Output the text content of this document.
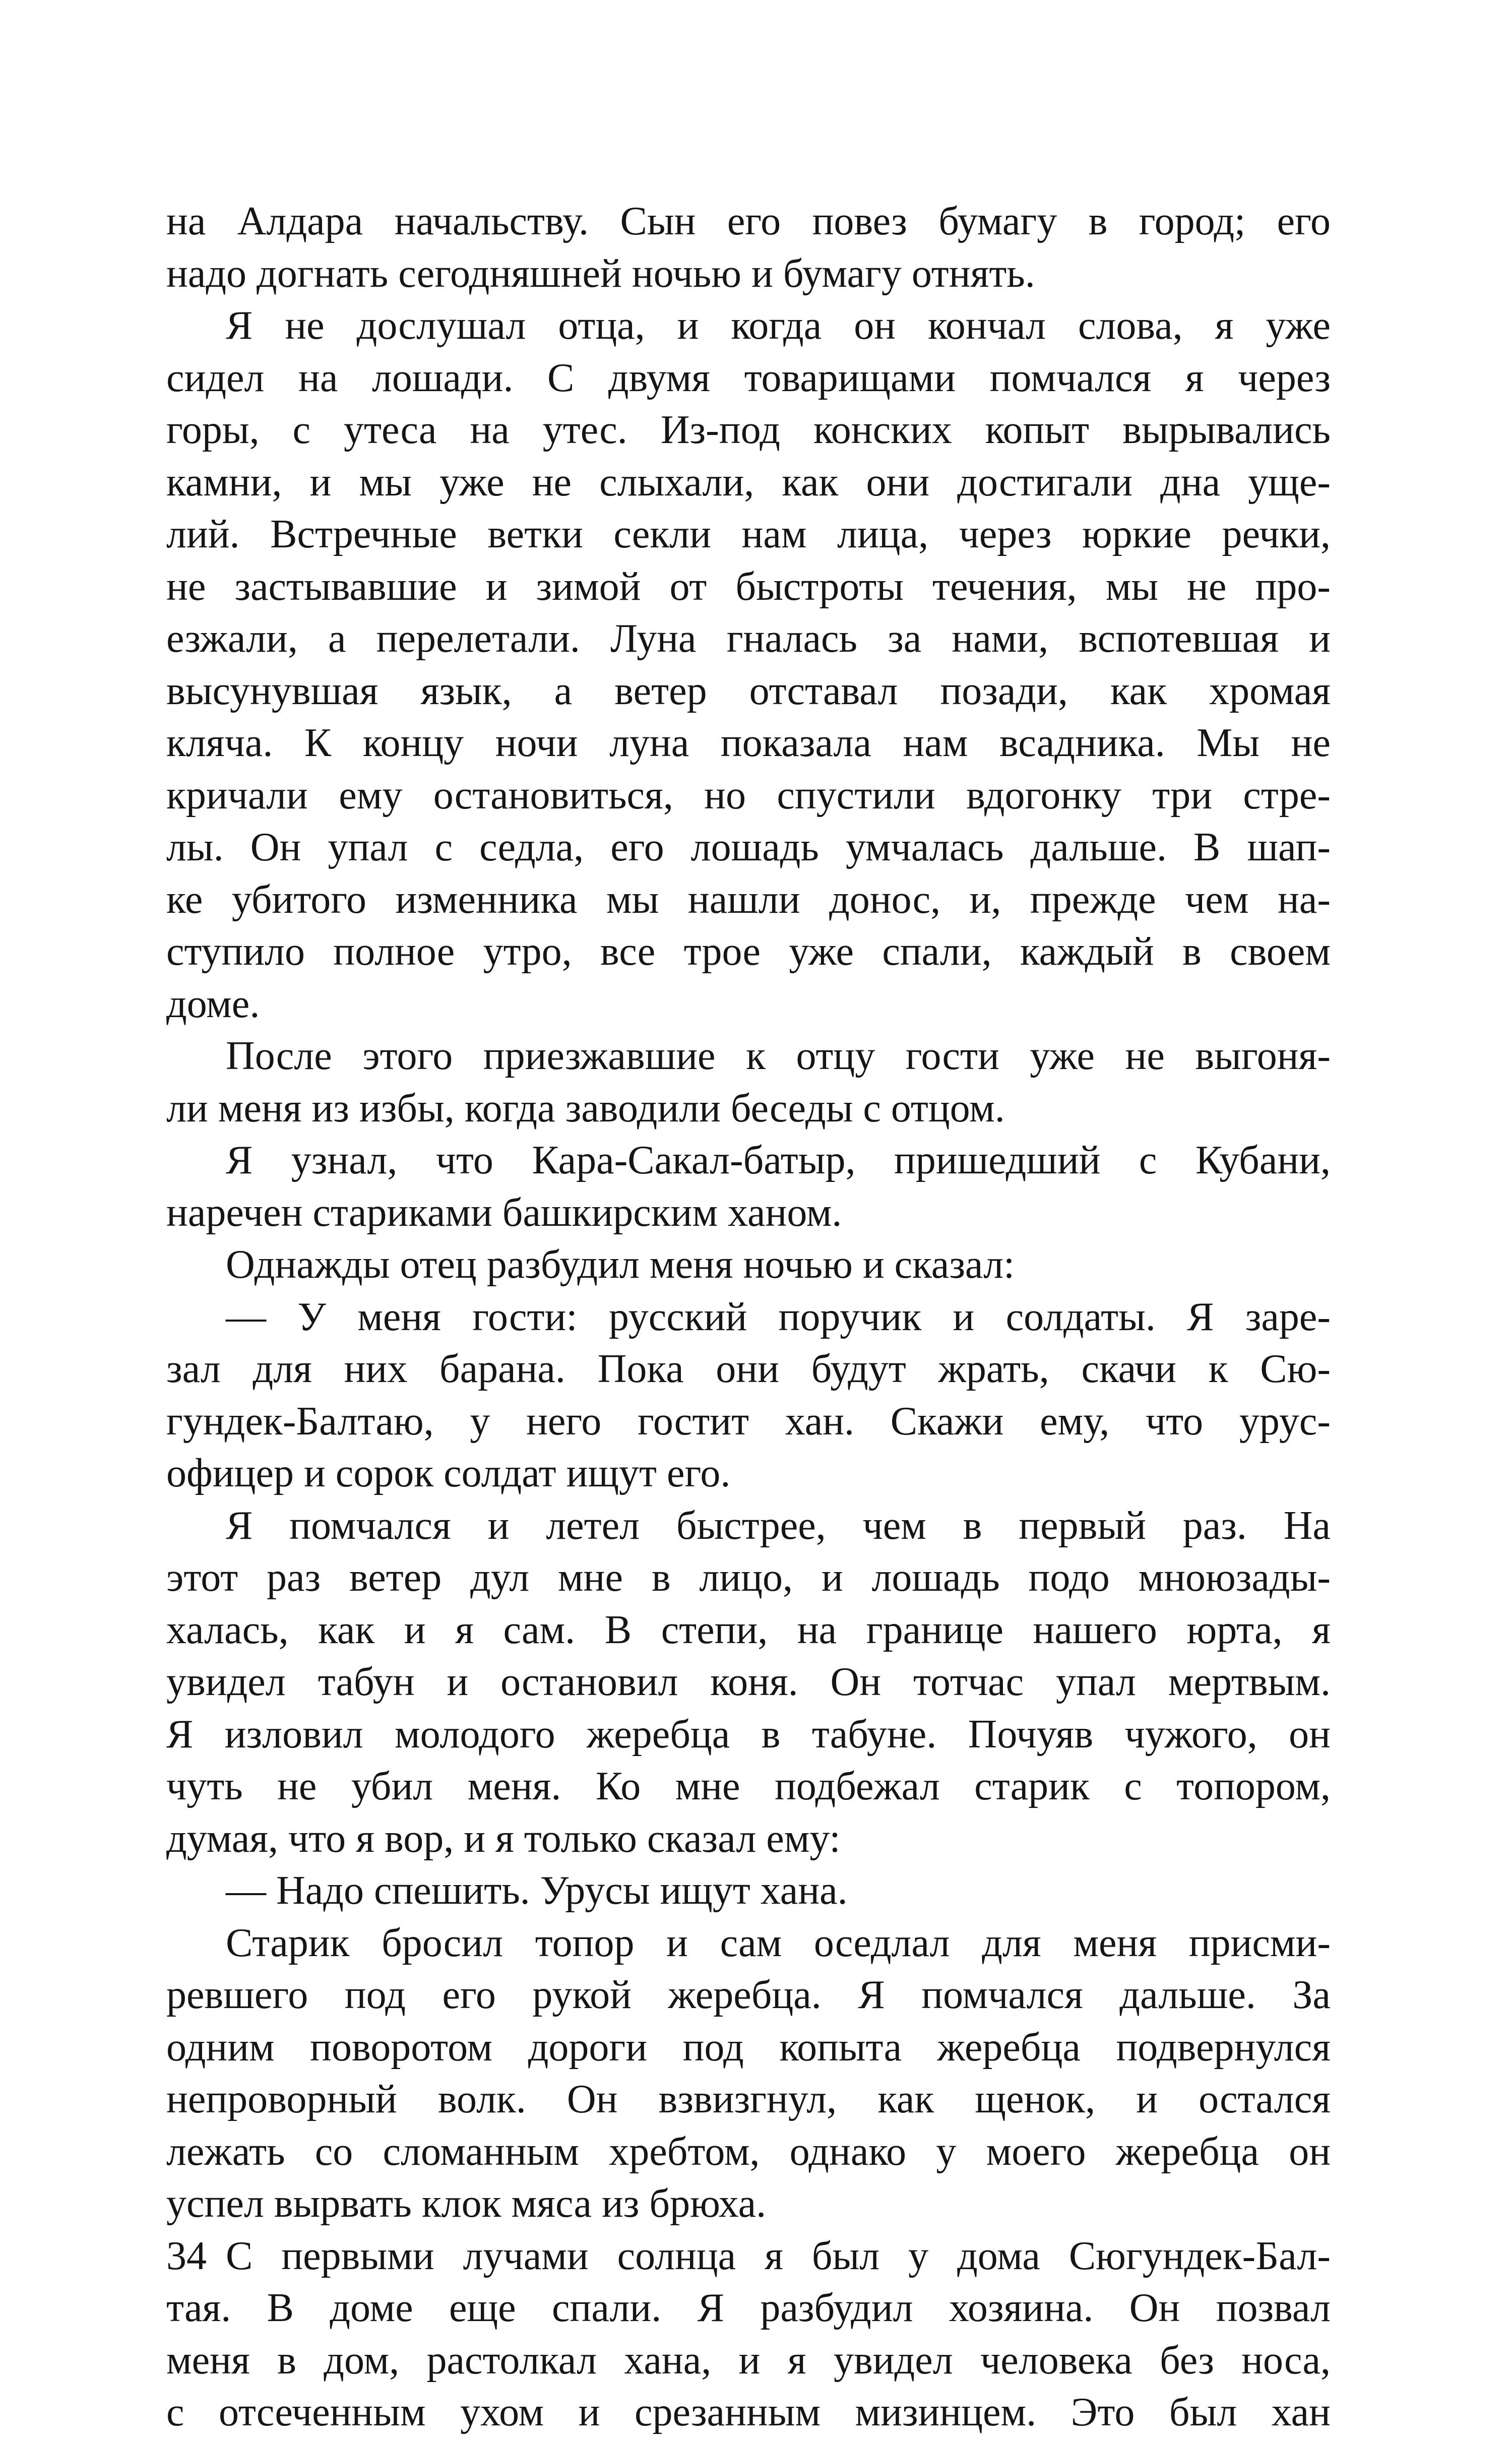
на Алдара начальству. Сын его повез бумагу в город; его
надо догнать сегодняшней ночью и бумагу отнять.
Я не дослушал отца, и когда он кончал слова, я уже
сидел на лошади. С двумя товарищами помчался я через
горы, с утеса на утес. Из-под конских копыт вырывались
камни, и мы уже не слыхали, как они достигали дна уще-
лий. Встречные ветки секли нам лица, через юркие речки,
не застывавшие и зимой от быстроты течения, мы не про-
езжали, а перелетали. Луна гналась за нами, вспотевшая и
высунувшая язык, а ветер отставал позади, как хромая
кляча. К концу ночи луна показала нам всадника. Мы не
кричали ему остановиться, но спустили вдогонку три стре-
лы. Он упал с седла, его лошадь умчалась дальше. В шап-
ке убитого изменника мы нашли донос, и, прежде чем на-
ступило полное утро, все трое уже спали, каждый в своем
доме.
После этого приезжавшие к отцу гости уже не выгоня-
ли меня из избы, когда заводили беседы с отцом.
Я узнал, что Кара-Сакал-батыр, пришедший с Кубани,
наречен стариками башкирским ханом.
Однажды отец разбудил меня ночью и сказал:
— У меня гости: русский поручик и солдаты. Я заре-
зал для них барана. Пока они будут жрать, скачи к Сю-
гундек-Балтаю, у него гостит хан. Скажи ему, что урус-
офицер и сорок солдат ищут его.
Я помчался и летел быстрее, чем в первый раз. На
этот раз ветер дул мне в лицо, и лошадь подо мноюзады-
халась, как и я сам. В степи, на границе нашего юрта, я
увидел табун и остановил коня. Он тотчас упал мертвым.
Я изловил молодого жеребца в табуне. Почуяв чужого, он
чуть не убил меня. Ко мне подбежал старик с топором,
думая, что я вор, и я только сказал ему:
— Надо спешить. Урусы ищут хана.
Старик бросил топор и сам оседлал для меня присми-
ревшего под его рукой жеребца. Я помчался дальше. За
одним поворотом дороги под копыта жеребца подвернулся
непроворный волк. Он взвизгнул, как щенок, и остался
лежать со сломанным хребтом, однако у моего жеребца он
успел вырвать клок мяса из брюха.
С первыми лучами солнца я был у дома Сюгундек-Бал-
тая. В доме еще спали. Я разбудил хозяина. Он позвал
меня в дом, растолкал хана, и я увидел человека без носа,
с отсеченным ухом и срезанным мизинцем. Это был хан
34
